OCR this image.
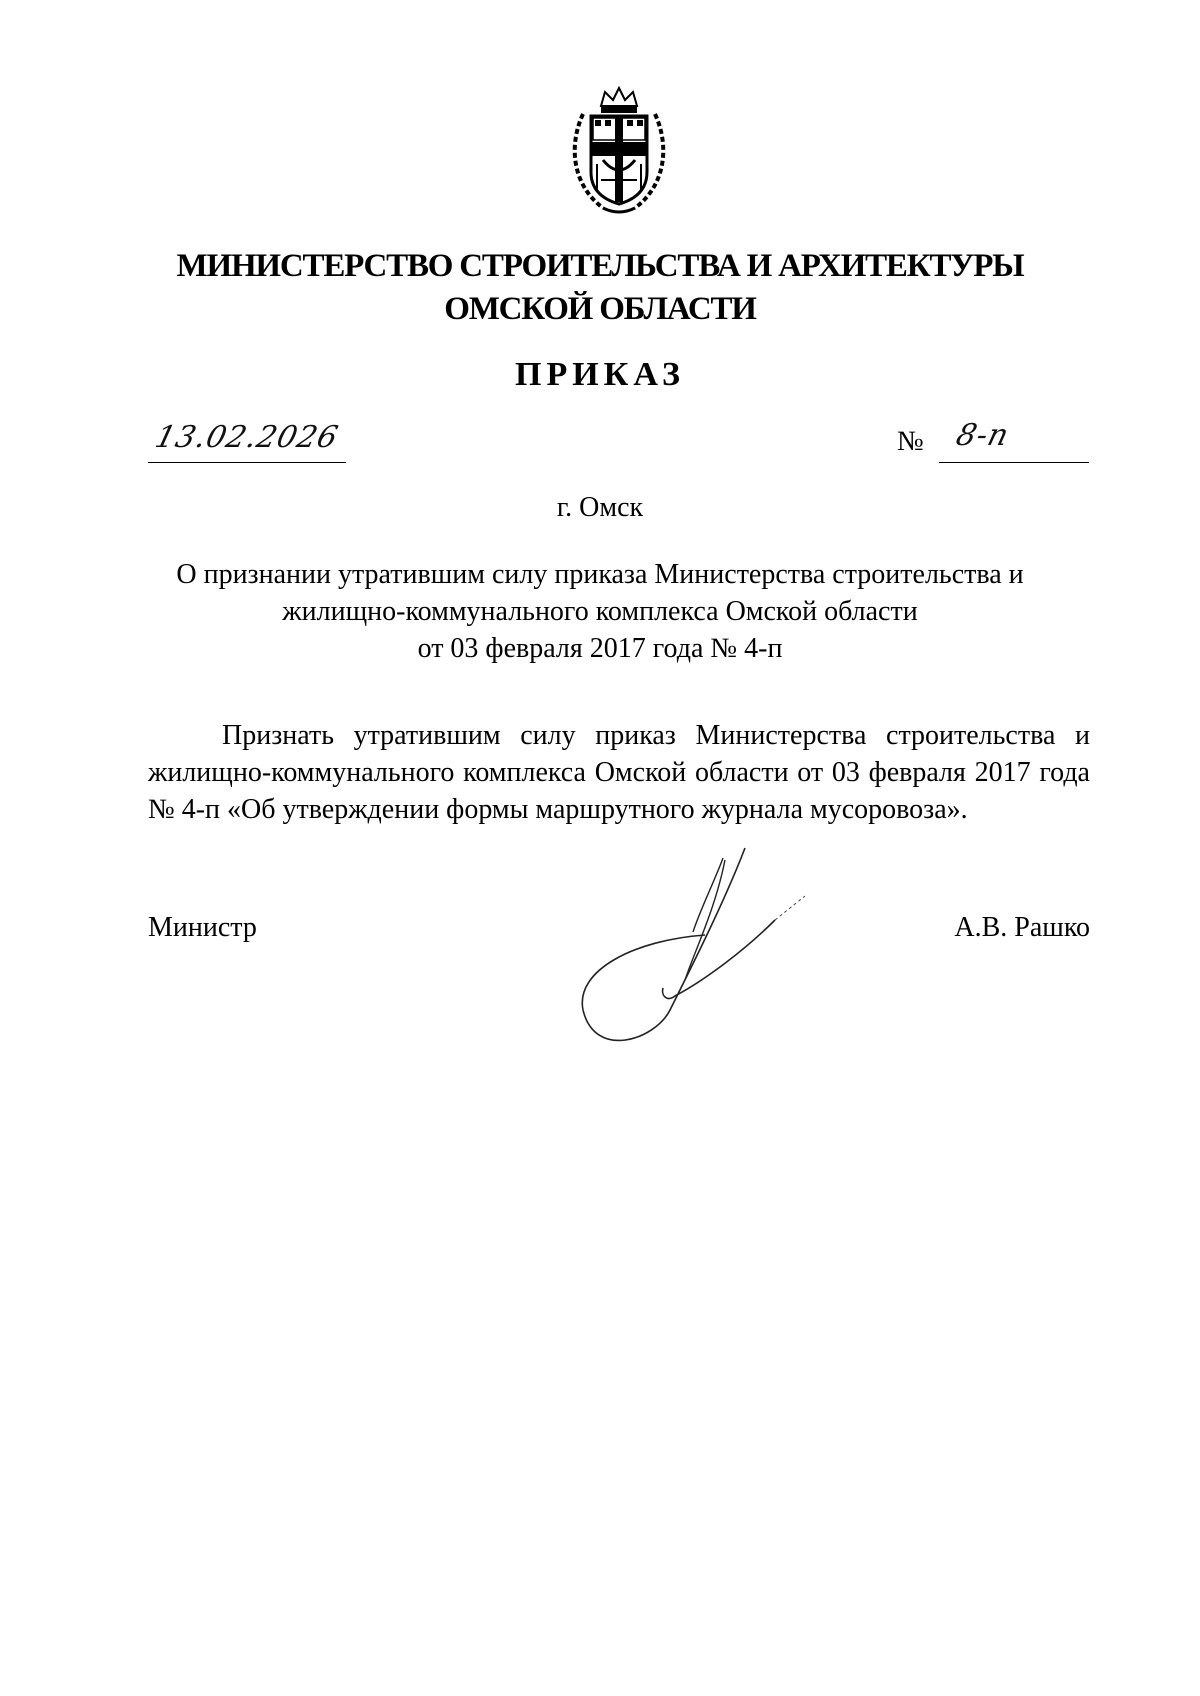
МИНИСТЕРСТВО СТРОИТЕЛЬСТВА И АРХИТЕКТУРЫ
ОМСКОЙ ОБЛАСТИ
ПРИКАЗ
13.02.2026	№ 8-п
г. Омск
О признании утратившим силу приказа Министерства строительства и
жилищно-коммунального комплекса Омской области
от 03 февраля 2017 года № 4-п
Признать утратившим силу приказ Министерства строительства и жилищно-коммунального комплекса Омской области от 03 февраля 2017 года № 4-п «Об утверждении формы маршрутного журнала мусоровоза».
Министр	А.В. Рашко
